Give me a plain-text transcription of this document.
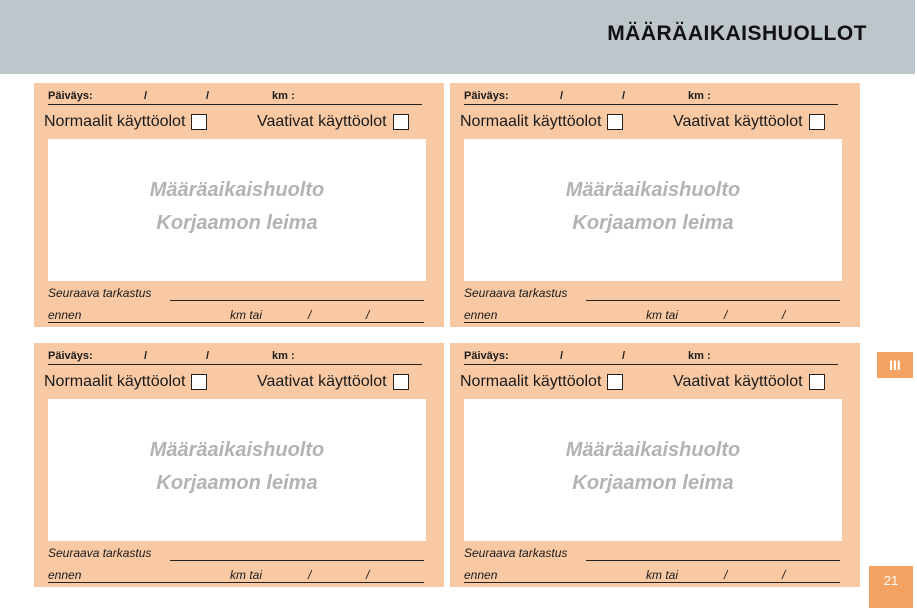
MÄÄRÄAIKAISHUOLLOT
Päiväys:	/	/	km :
Normaalit käyttöolot	Vaativat käyttöolot
Määräaikaishuolto
Korjaamon leima
Seuraava tarkastus
ennen	km tai	/	/
Päiväys:	/	/	km :
Normaalit käyttöolot	Vaativat käyttöolot
Määräaikaishuolto
Korjaamon leima
Seuraava tarkastus
ennen	km tai	/	/
Päiväys:	/	/	km :
Normaalit käyttöolot	Vaativat käyttöolot
Määräaikaishuolto
Korjaamon leima
Seuraava tarkastus
ennen	km tai	/	/
Päiväys:	/	/	km :
Normaalit käyttöolot	Vaativat käyttöolot
Määräaikaishuolto
Korjaamon leima
Seuraava tarkastus
ennen	km tai	/	/
III
21
